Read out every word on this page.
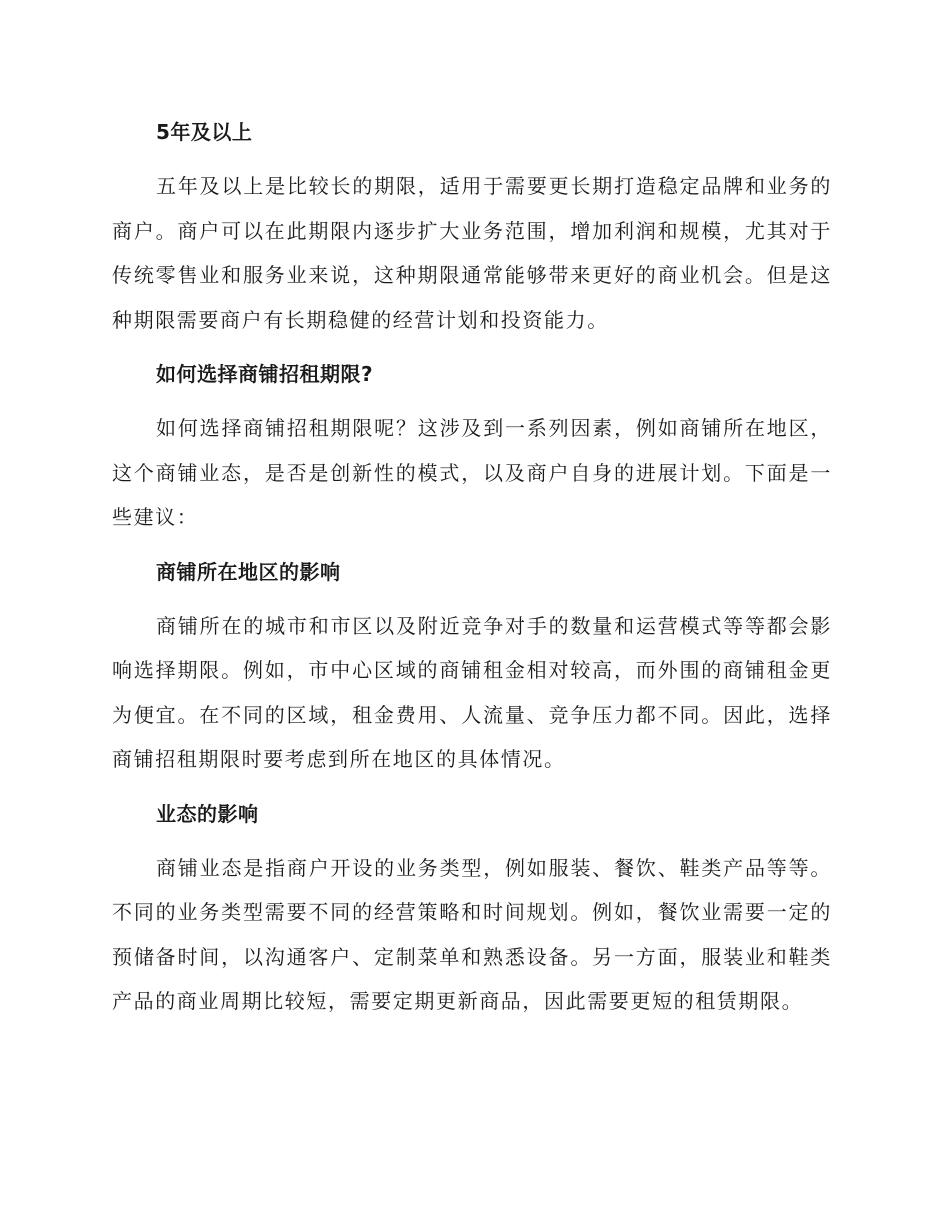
5年及以上

五年及以上是比较长的期限，适用于需要更长期打造稳定品牌和业务的商户。商户可以在此期限内逐步扩大业务范围，增加利润和规模，尤其对于传统零售业和服务业来说，这种期限通常能够带来更好的商业机会。但是这种期限需要商户有长期稳健的经营计划和投资能力。

如何选择商铺招租期限?

如何选择商铺招租期限呢？这涉及到一系列因素，例如商铺所在地区，这个商铺业态，是否是创新性的模式，以及商户自身的进展计划。下面是一些建议：

商铺所在地区的影响

商铺所在的城市和市区以及附近竞争对手的数量和运营模式等等都会影响选择期限。例如，市中心区域的商铺租金相对较高，而外围的商铺租金更为便宜。在不同的区域，租金费用、人流量、竞争压力都不同。因此，选择商铺招租期限时要考虑到所在地区的具体情况。

业态的影响

商铺业态是指商户开设的业务类型，例如服装、餐饮、鞋类产品等等。不同的业务类型需要不同的经营策略和时间规划。例如，餐饮业需要一定的预储备时间，以沟通客户、定制菜单和熟悉设备。另一方面，服装业和鞋类产品的商业周期比较短，需要定期更新商品，因此需要更短的租赁期限。
